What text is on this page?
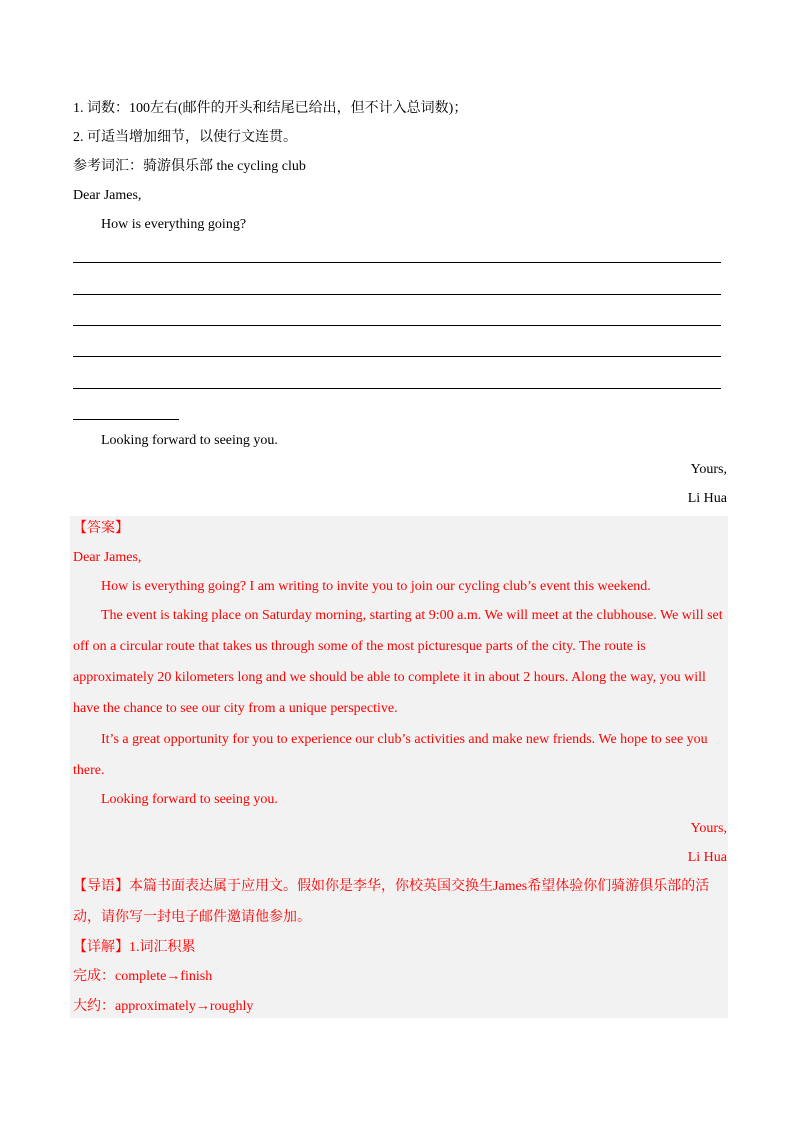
1. 词数：100左右(邮件的开头和结尾已给出，但不计入总词数)；
2. 可适当增加细节，以使行文连贯。
参考词汇：骑游俱乐部 the cycling club
Dear James,
How is everything going?
Looking forward to seeing you.
Yours,
Li Hua
【答案】
Dear James,
How is everything going? I am writing to invite you to join our cycling club’s event this weekend.
The event is taking place on Saturday morning, starting at 9:00 a.m. We will meet at the clubhouse. We will set off on a circular route that takes us through some of the most picturesque parts of the city. The route is approximately 20 kilometers long and we should be able to complete it in about 2 hours. Along the way, you will have the chance to see our city from a unique perspective.
It’s a great opportunity for you to experience our club’s activities and make new friends. We hope to see you there.
Looking forward to seeing you.
Yours,
Li Hua
【导语】本篇书面表达属于应用文。假如你是李华，你校英国交换生James希望体验你们骑游俱乐部的活动，请你写一封电子邮件邀请他参加。
【详解】1.词汇积累
完成：complete→finish
大约：approximately→roughly
